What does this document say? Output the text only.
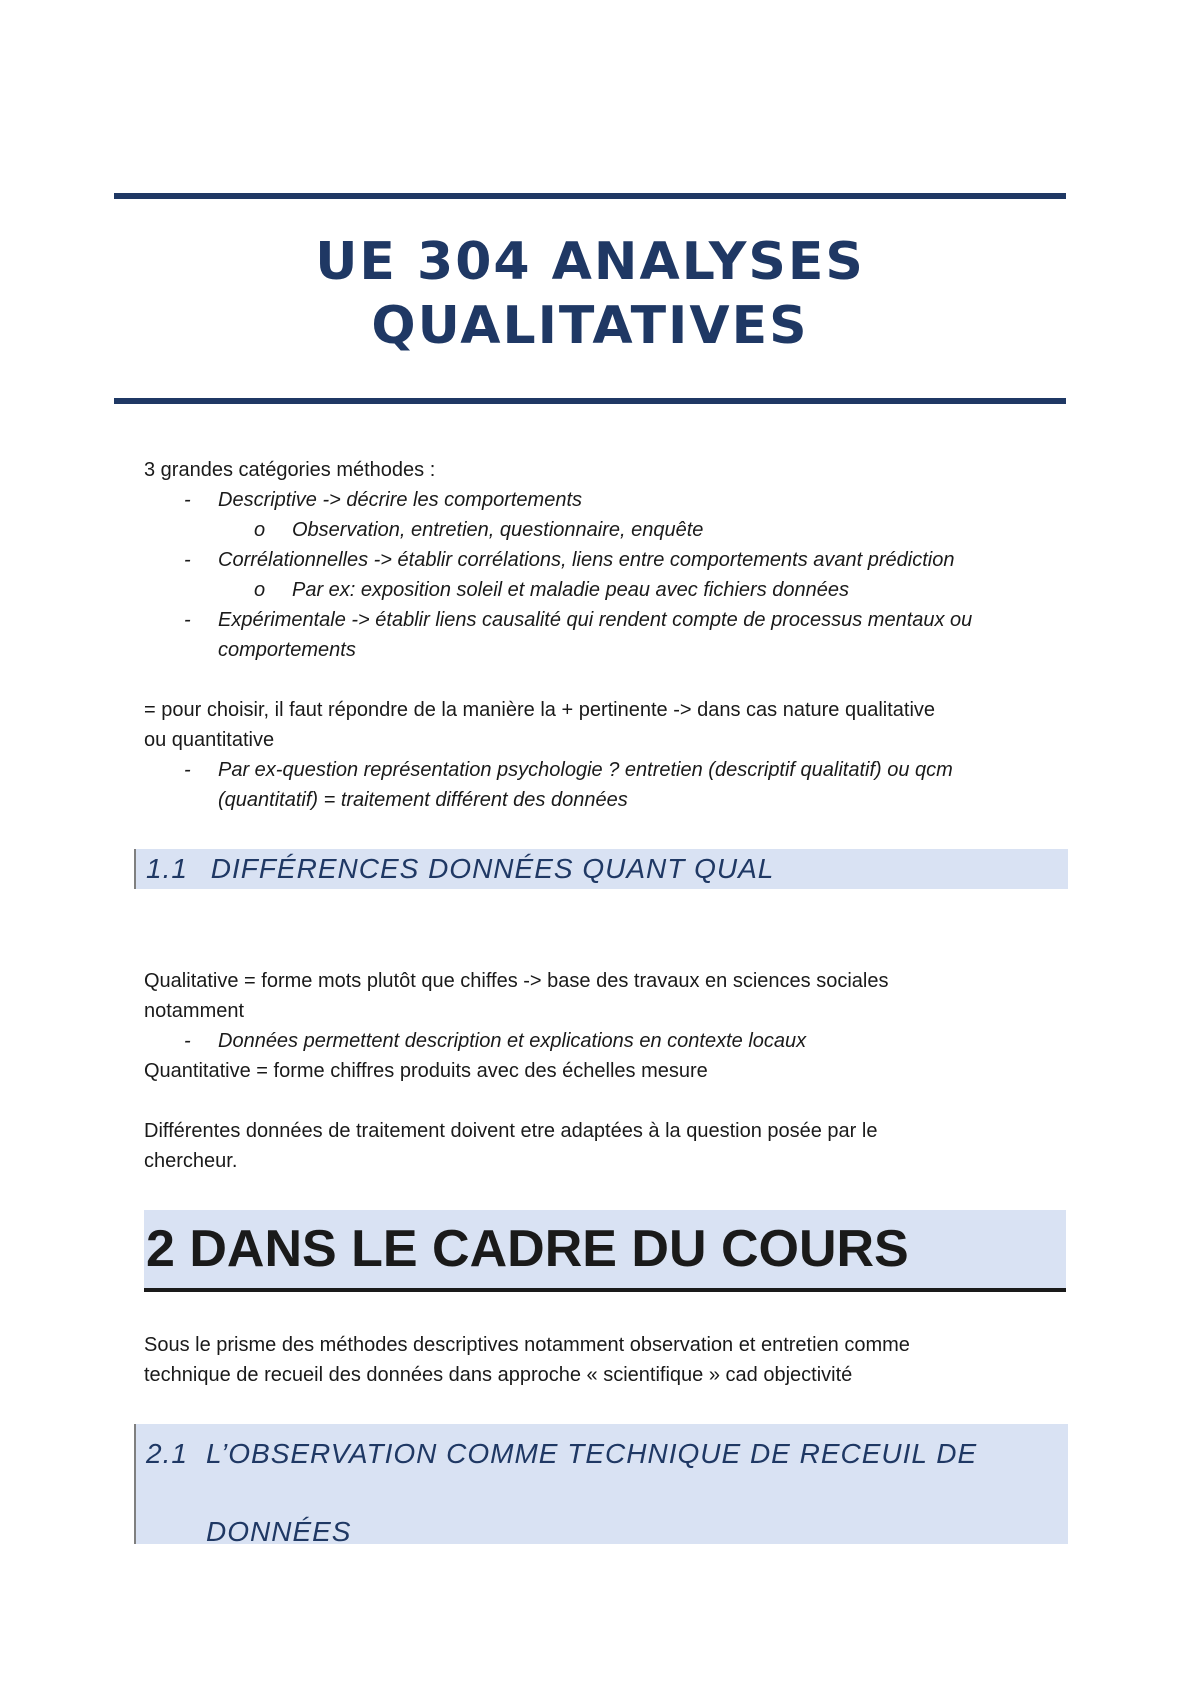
UE 304 ANALYSES
QUALITATIVES
3 grandes catégories méthodes :
- Descriptive -> décrire les comportements
o Observation, entretien, questionnaire, enquête
- Corrélationnelles -> établir corrélations, liens entre comportements avant prédiction
o Par ex: exposition soleil et maladie peau avec fichiers données
- Expérimentale -> établir liens causalité qui rendent compte de processus mentaux ou
comportements
= pour choisir, il faut répondre de la manière la + pertinente -> dans cas nature qualitative
ou quantitative
- Par ex-question représentation psychologie ? entretien (descriptif qualitatif) ou qcm
(quantitatif) = traitement différent des données
1.1 DIFFÉRENCES DONNÉES QUANT QUAL
Qualitative = forme mots plutôt que chiffes -> base des travaux en sciences sociales
notamment
- Données permettent description et explications en contexte locaux
Quantitative = forme chiffres produits avec des échelles mesure
Différentes données de traitement doivent etre adaptées à la question posée par le
chercheur.
2 DANS LE CADRE DU COURS
Sous le prisme des méthodes descriptives notamment observation et entretien comme
technique de recueil des données dans approche « scientifique » cad objectivité
2.1 L’OBSERVATION COMME TECHNIQUE DE RECEUIL DE
DONNÉES
